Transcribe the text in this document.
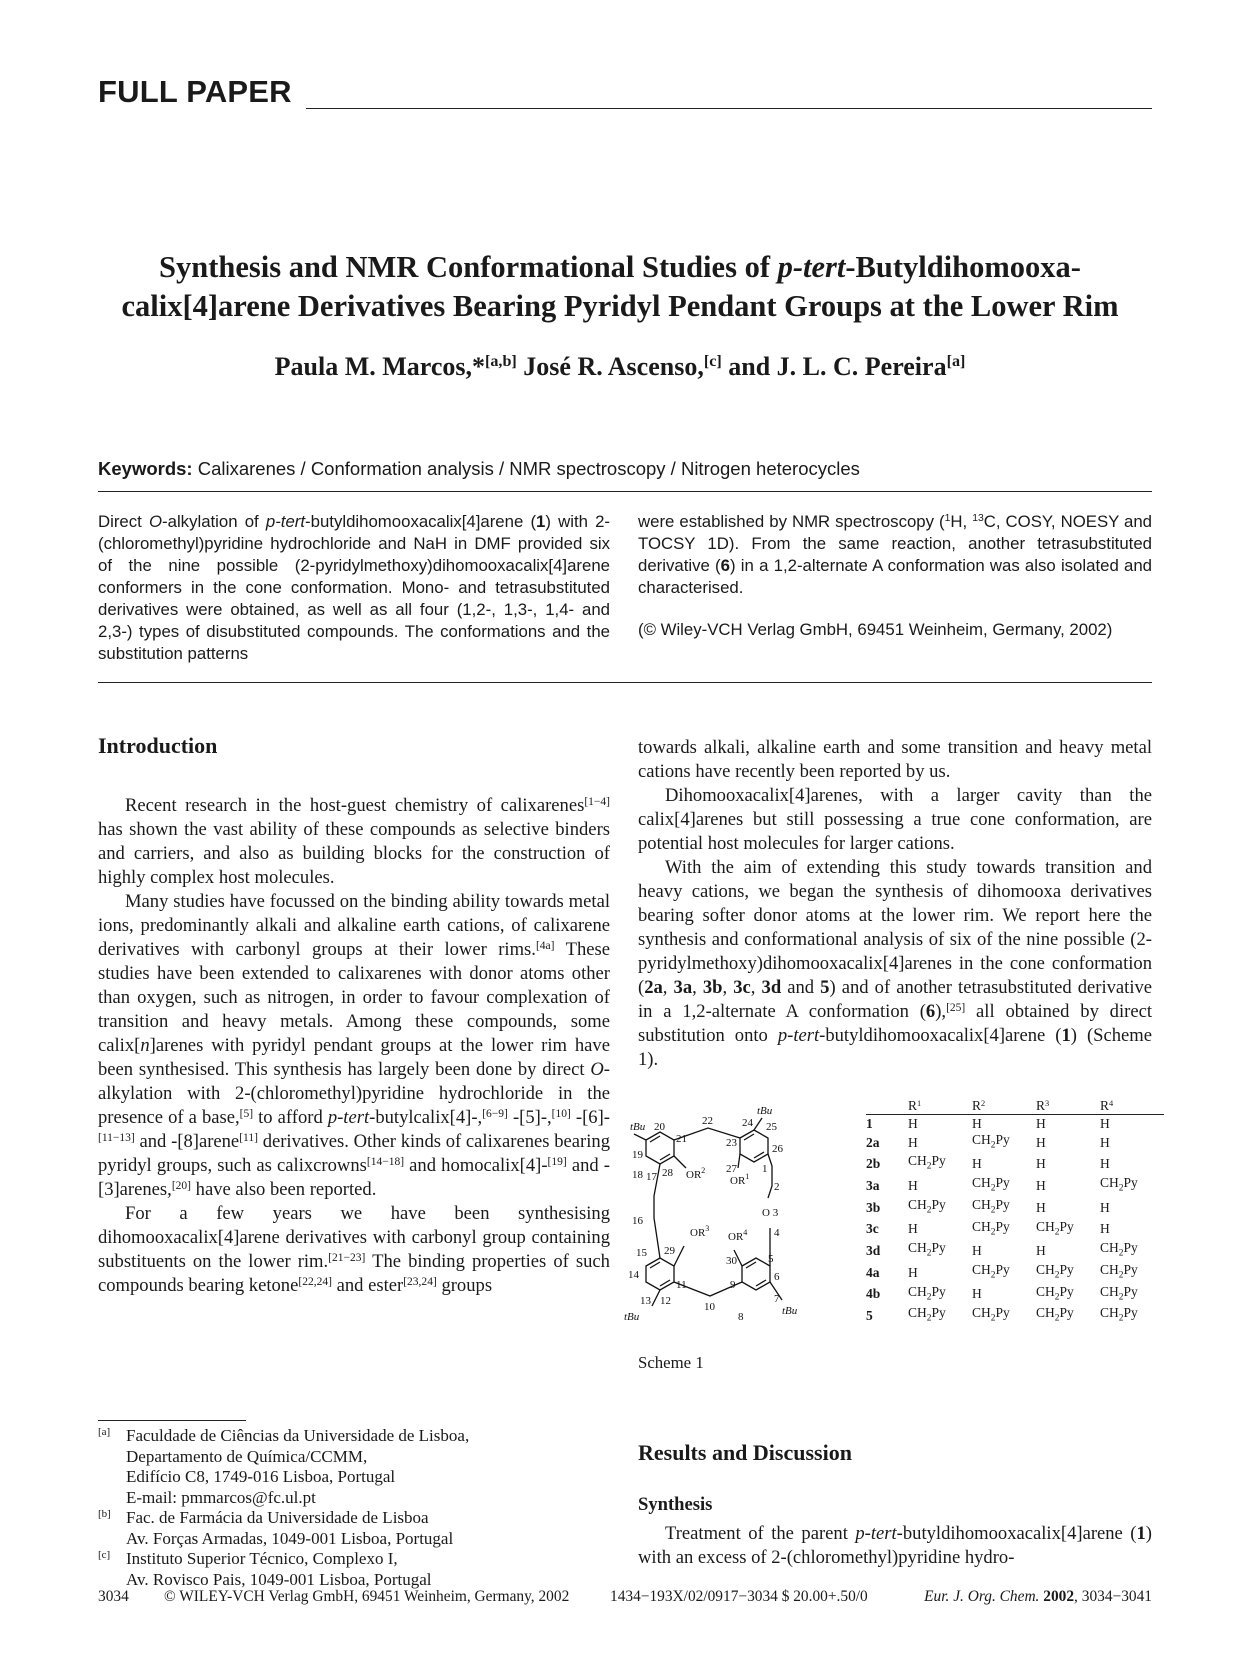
FULL PAPER
Synthesis and NMR Conformational Studies of p-tert-Butyldihomooxa-calix[4]arene Derivatives Bearing Pyridyl Pendant Groups at the Lower Rim
Paula M. Marcos,*[a,b] José R. Ascenso,[c] and J. L. C. Pereira[a]
Keywords: Calixarenes / Conformation analysis / NMR spectroscopy / Nitrogen heterocycles
Direct O-alkylation of p-tert-butyldihomooxacalix[4]arene (1) with 2-(chloromethyl)pyridine hydrochloride and NaH in DMF provided six of the nine possible (2-pyridylmethoxy)dihomooxacalix[4]arene conformers in the cone conformation. Mono- and tetrasubstituted derivatives were obtained, as well as all four (1,2-, 1,3-, 1,4- and 2,3-) types of disubstituted compounds. The conformations and the substitution patterns
were established by NMR spectroscopy ($^1$H, $^{13}$C, COSY, NOESY and TOCSY 1D). From the same reaction, another tetrasubstituted derivative (6) in a 1,2-alternate A conformation was also isolated and characterised.
(© Wiley-VCH Verlag GmbH, 69451 Weinheim, Germany, 2002)
Introduction

Recent research in the host-guest chemistry of calixarenes[1−4] has shown the vast ability of these compounds as selective binders and carriers, and also as building blocks for the construction of highly complex host molecules.

Many studies have focussed on the binding ability towards metal ions, predominantly alkali and alkaline earth cations, of calixarene derivatives with carbonyl groups at their lower rims.[4a] These studies have been extended to calixarenes with donor atoms other than oxygen, such as nitrogen, in order to favour complexation of transition and heavy metals. Among these compounds, some calix[n]arenes with pyridyl pendant groups at the lower rim have been synthesised. This synthesis has largely been done by direct O-alkylation with 2-(chloromethyl)pyridine hydrochloride in the presence of a base,[5] to afford p-tert-butylcalix[4]-,[6−9] -[5]-,[10] -[6]-[11−13] and -[8]arene[11] derivatives. Other kinds of calixarenes bearing pyridyl groups, such as calixcrowns[14−18] and homocalix[4]-[19] and -[3]arenes,[20] have also been reported.

For a few years we have been synthesising dihomooxacalix[4]arene derivatives with carbonyl group containing substituents on the lower rim.[21−23] The binding properties of such compounds bearing ketone[22,24] and ester[23,24] groups

towards alkali, alkaline earth and some transition and heavy metal cations have recently been reported by us.

Dihomooxacalix[4]arenes, with a larger cavity than the calix[4]arenes but still possessing a true cone conformation, are potential host molecules for larger cations.

With the aim of extending this study towards transition and heavy cations, we began the synthesis of dihomooxa derivatives bearing softer donor atoms at the lower rim. We report here the synthesis and conformational analysis of six of the nine possible (2-pyridylmethoxy)dihomooxacalix[4]arenes in the cone conformation (2a, 3a, 3b, 3c, 3d and 5) and of another tetrasubstituted derivative in a 1,2-alternate A conformation (6),[25] all obtained by direct substitution onto p-tert-butyldihomooxacalix[4]arene (1) (Scheme 1).

tBu
tBu
tBu	tBu
20
21
22
23
24 25
26
19
18 17 28	27
$OR^2$
$OR^1$
1
2
O 3
4
16
$OR^3$
$OR^4$
15 29
30	5
14
13 12
11
10
9
8
7
6
	$R^1$	$R^2$	$R^3$	$R^4$
1	H	H	H	H
2a	H	$CH_2Py$	H	H
2b	$CH_2Py$	H	H	H
3a	H	$CH_2Py$	H	$CH_2Py$
3b	$CH_2Py$	$CH_2Py$	H	H
3c	H	$CH_2Py$	$CH_2Py$	H
3d	$CH_2Py$	H	H	$CH_2Py$
4a	H	$CH_2Py$	$CH_2Py$	$CH_2Py$
4b	$CH_2Py$	H	$CH_2Py$	$CH_2Py$
5	$CH_2Py$	$CH_2Py$	$CH_2Py$	$CH_2Py$
Scheme 1
Results and Discussion
Synthesis

Treatment of the parent p-tert-butyldihomooxacalix[4]arene (1) with an excess of 2-(chloromethyl)pyridine hydro-

[a] Faculdade de Ciências da Universidade de Lisboa,
Departamento de Química/CCMM,
Edifício C8, 1749-016 Lisboa, Portugal
E-mail: pmmarcos@fc.ul.pt
[b] Fac. de Farmácia da Universidade de Lisboa
Av. Forças Armadas, 1049-001 Lisboa, Portugal
[c] Instituto Superior Técnico, Complexo I,
Av. Rovisco Pais, 1049-001 Lisboa, Portugal
3034 © WILEY-VCH Verlag GmbH, 69451 Weinheim, Germany, 2002	1434−193X/02/0917−3034 $ 20.00+.50/0	Eur. J. Org. Chem. 2002, 3034−3041
